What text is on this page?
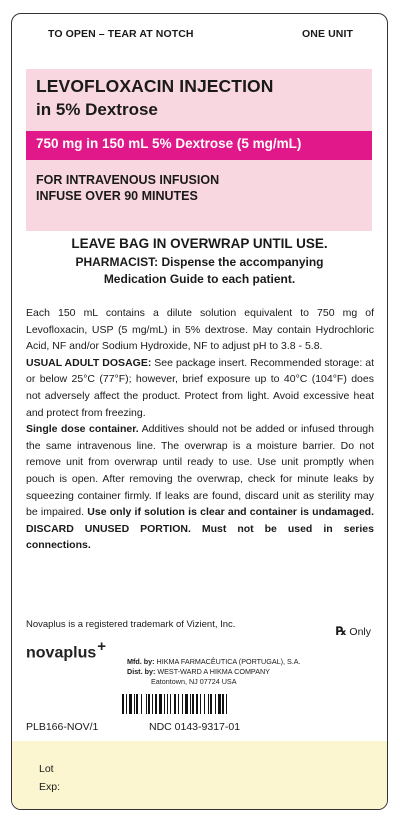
TO OPEN – TEAR AT NOTCH	ONE UNIT
LEVOFLOXACIN INJECTION
in 5% Dextrose
750 mg in 150 mL 5% Dextrose (5 mg/mL)
FOR INTRAVENOUS INFUSION
INFUSE OVER 90 MINUTES
LEAVE BAG IN OVERWRAP UNTIL USE.
PHARMACIST: Dispense the accompanying
Medication Guide to each patient.

Each 150 mL contains a dilute solution equivalent to 750 mg of Levofloxacin, USP (5 mg/mL) in 5% dextrose. May contain Hydrochloric Acid, NF and/or Sodium Hydroxide, NF to adjust pH to 3.8 - 5.8.

USUAL ADULT DOSAGE: See package insert. Recommended storage: at or below 25°C (77°F); however, brief exposure up to 40°C (104°F) does not adversely affect the product. Protect from light. Avoid excessive heat and protect from freezing.

Single dose container. Additives should not be added or infused through the same intravenous line. The overwrap is a moisture barrier. Do not remove unit from overwrap until ready to use. Use unit promptly when pouch is open. After removing the overwrap, check for minute leaks by squeezing container firmly. If leaks are found, discard unit as sterility may be impaired. Use only if solution is clear and container is undamaged. DISCARD UNUSED PORTION. Must not be used in series connections.

Novaplus is a registered trademark of Vizient, Inc.	℞ Only
novaplus+
Mfd. by: HIKMA FARMACÊUTICA (PORTUGAL), S.A.
Dist. by: WEST-WARD A HIKMA COMPANY
Eatontown, NJ 07724 USA
PLB166-NOV/1	NDC 0143-9317-01
Lot
Exp:
